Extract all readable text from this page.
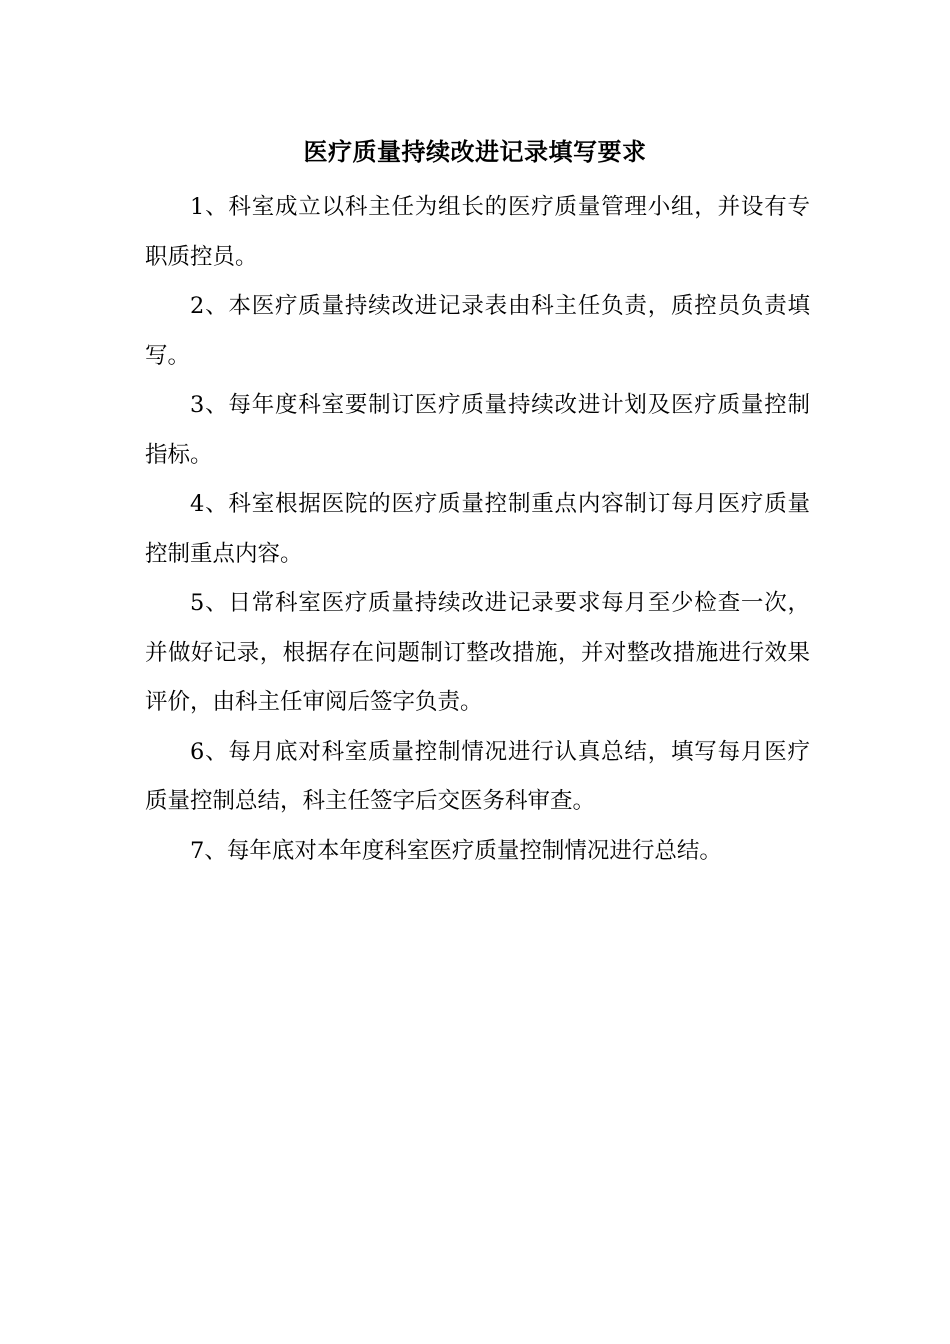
医疗质量持续改进记录填写要求

1、科室成立以科主任为组长的医疗质量管理小组，并设有专职质控员。

2、本医疗质量持续改进记录表由科主任负责，质控员负责填写。

3、每年度科室要制订医疗质量持续改进计划及医疗质量控制指标。

4、科室根据医院的医疗质量控制重点内容制订每月医疗质量控制重点内容。

5、日常科室医疗质量持续改进记录要求每月至少检查一次，并做好记录，根据存在问题制订整改措施，并对整改措施进行效果评价，由科主任审阅后签字负责。

6、每月底对科室质量控制情况进行认真总结，填写每月医疗质量控制总结，科主任签字后交医务科审查。

7、每年底对本年度科室医疗质量控制情况进行总结。
